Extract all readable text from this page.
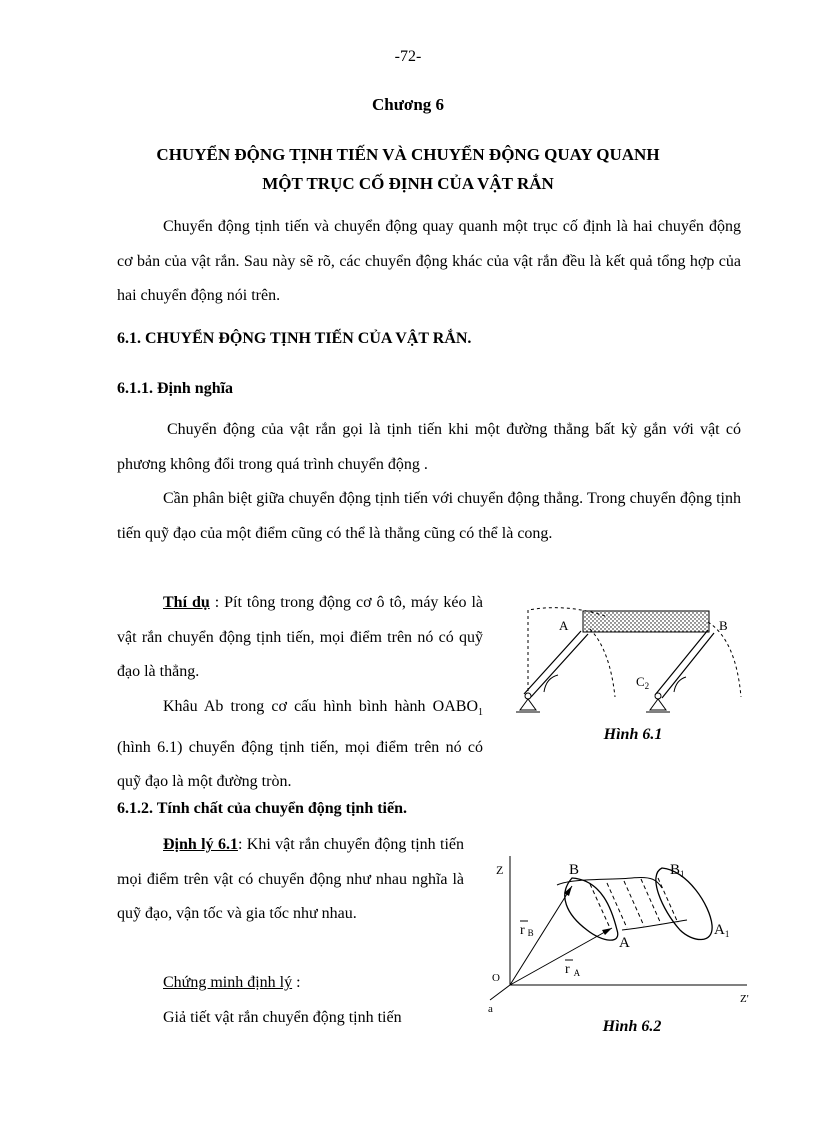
-72-
Chương 6
CHUYỂN ĐỘNG TỊNH TIẾN VÀ CHUYỂN ĐỘNG QUAY QUANH
MỘT TRỤC CỐ ĐỊNH CỦA VẬT RẮN
Chuyển động tịnh tiến và chuyển động quay quanh một trục cố định là hai chuyển động cơ bản của vật rắn. Sau này sẽ rõ, các chuyển động khác của vật rắn đều là kết quả tổng hợp của hai chuyển động nói trên.
6.1. CHUYỂN ĐỘNG TỊNH TIẾN CỦA VẬT RẮN.
6.1.1. Định nghĩa
Chuyển động của vật rắn gọi là tịnh tiến khi một đường thẳng bất kỳ gắn với vật có phương không đổi trong quá trình chuyển động .
Cần phân biệt giữa chuyển động tịnh tiến với chuyển động thẳng. Trong chuyển động tịnh tiến quỹ đạo của một điểm cũng có thể là thẳng cũng có thể là cong.
Thí dụ : Pít tông trong động cơ ô tô, máy kéo là vật rắn chuyển động tịnh tiến, mọi điểm trên nó có quỹ đạo là thẳng.
Khâu Ab trong cơ cấu hình bình hành $OABO_1$ (hình 6.1) chuyển động tịnh tiến, mọi điểm trên nó có quỹ đạo là một đường tròn.
6.1.2. Tính chất của chuyển động tịnh tiến.
Định lý 6.1: Khi vật rắn chuyển động tịnh tiến mọi điểm trên vật có chuyển động như nhau nghĩa là quỹ đạo, vận tốc và gia tốc như nhau.
Chứng minh định lý :
Giả tiết vật rắn chuyển động tịnh tiến
A	B
$C_2$
Hình 6.1
Z	B	$B_1$
r B
A
$A_1$
r $_A$
O
a
Z'
Hình 6.2
